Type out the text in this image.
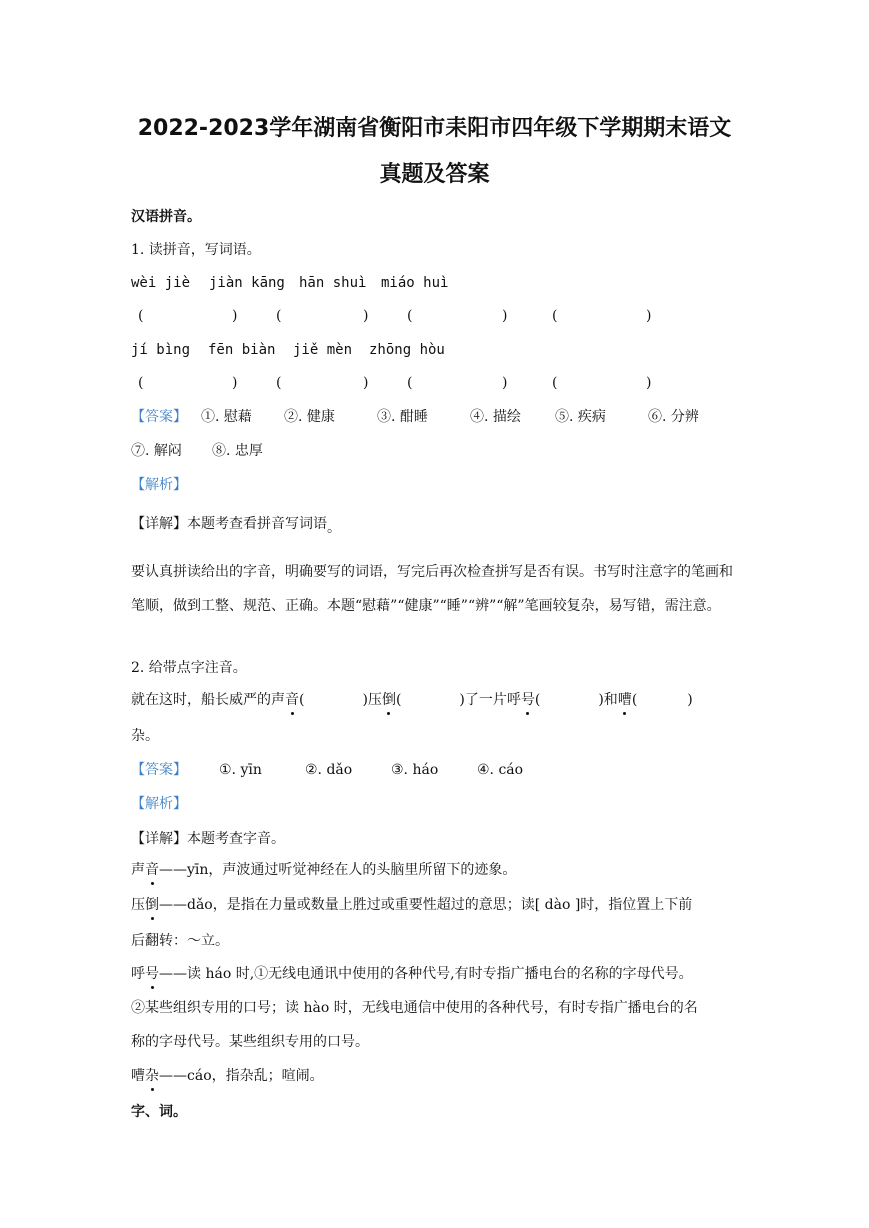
2022-2023学年湖南省衡阳市耒阳市四年级下学期期末语文
真题及答案
汉语拼音。
1. 读拼音，写词语。
wèi jiè	jiàn kāng	hān shuì	miáo huì
(	)	(	)	(	)	(	)
jí bìng	fēn biàn	jiě mèn	zhōng hòu
(	)	(	)	(	)	(	)
【答案】	①. 慰藉	②. 健康	③. 酣睡	④. 描绘	⑤. 疾病	⑥. 分辨
⑦. 解闷	⑧. 忠厚
【解析】
【详解】本题考查看拼音写词语。
要认真拼读给出的字音，明确要写的词语，写完后再次检查拼写是否有误。书写时注意字的笔画和笔顺，做到工整、规范、正确。本题“慰藉”“健康”“睡”“辨”“解”笔画较复杂，易写错，需注意。
2. 给带点字注音。
就在这时，船长威严的声 音 (	)压 倒 (	)了一片呼 号 (	)和 嘈 (	)
杂。
【答案】	①. yīn	②. dǎo	③. háo	④. cáo
【解析】
【详解】本题考查字音。
声音——yīn，声波通过听觉神经在人的头脑里所留下的迹象。
压倒——dǎo，是指在力量或数量上胜过或重要性超过的意思；读[ dào ]时，指位置上下前
后翻转：～立。
呼号——读 háo 时,①无线电通讯中使用的各种代号,有时专指广播电台的名称的字母代号。
②某些组织专用的口号；读 hào 时，无线电通信中使用的各种代号，有时专指广播电台的名
称的字母代号。某些组织专用的口号。
嘈杂——cáo，指杂乱；喧闹。
字、词。
